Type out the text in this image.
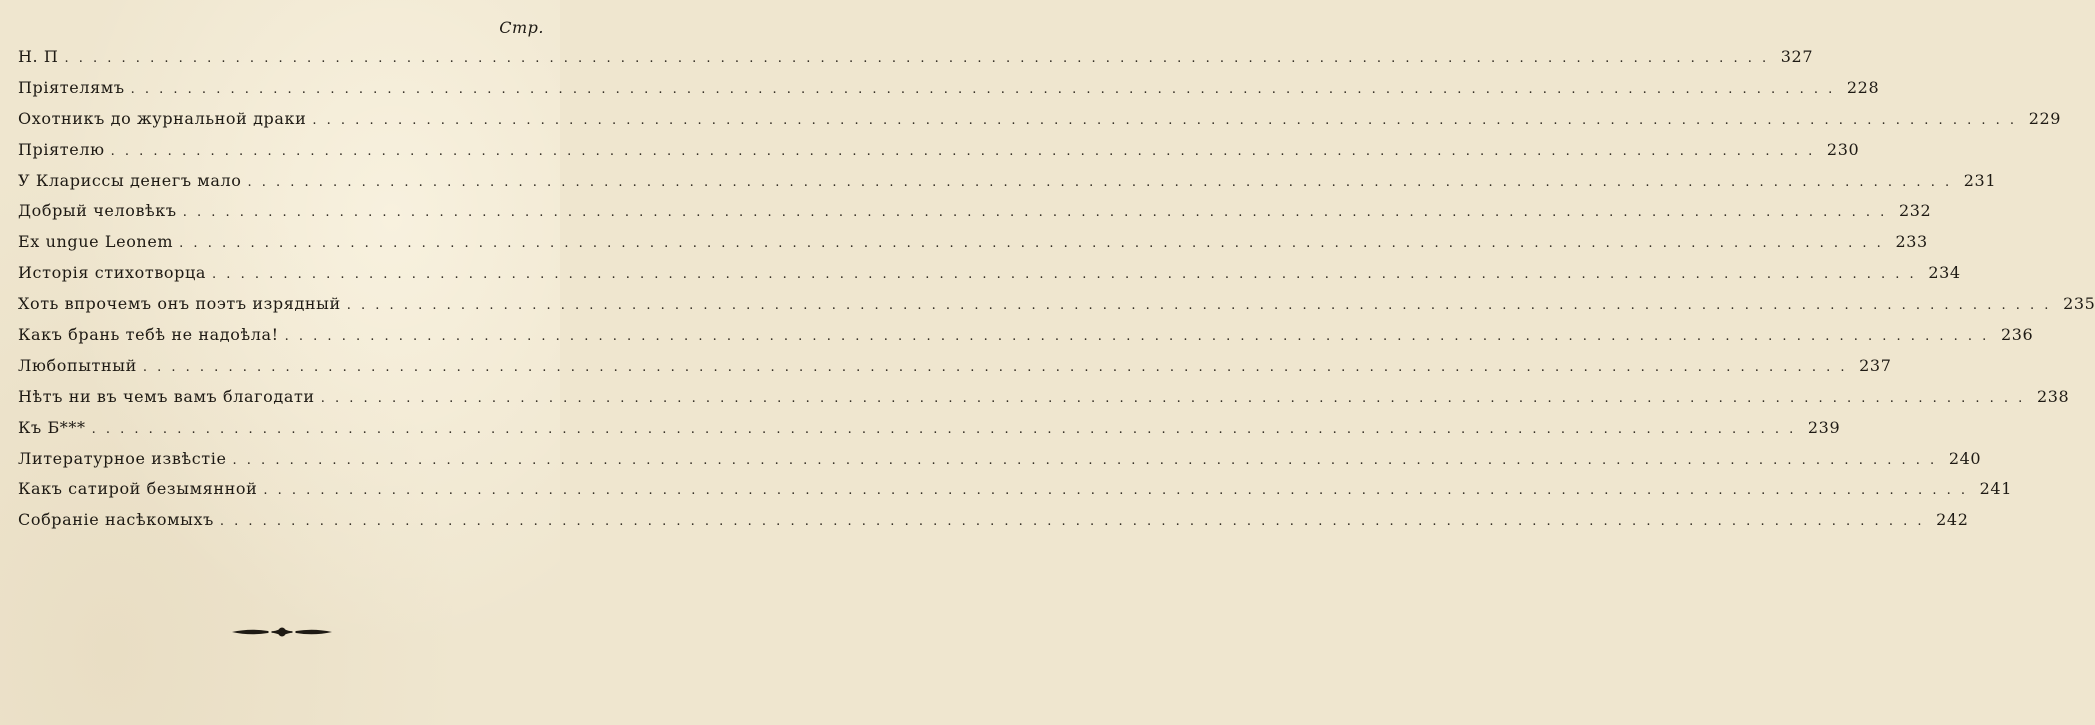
Стр.
Н. П . . . . . . . . . . . . . . . . . . . . . . . . . . . . . . . . . . . . . . . . . . . . . . . . . . . . . . . . . . . . . . . . . . . . . . . . . . . . . . . . . . . . . . . . . . . . . . . . . . . . . . . . . . . . . . . . . . . . . . . . 327
Пріятелямъ . . . . . . . . . . . . . . . . . . . . . . . . . . . . . . . . . . . . . . . . . . . . . . . . . . . . . . . . . . . . . . . . . . . . . . . . . . . . . . . . . . . . . . . . . . . . . . . . . . . . . . . . . . . . . . . . . . . . . . . . 228
Охотникъ до журнальной драки . . . . . . . . . . . . . . . . . . . . . . . . . . . . . . . . . . . . . . . . . . . . . . . . . . . . . . . . . . . . . . . . . . . . . . . . . . . . . . . . . . . . . . . . . . . . . . . . . . . . . . . . . . . . . . . . . . . . . . . . 229
Пріятелю . . . . . . . . . . . . . . . . . . . . . . . . . . . . . . . . . . . . . . . . . . . . . . . . . . . . . . . . . . . . . . . . . . . . . . . . . . . . . . . . . . . . . . . . . . . . . . . . . . . . . . . . . . . . . . . . . . . . . . . . 230
У Клариссы денегъ мало . . . . . . . . . . . . . . . . . . . . . . . . . . . . . . . . . . . . . . . . . . . . . . . . . . . . . . . . . . . . . . . . . . . . . . . . . . . . . . . . . . . . . . . . . . . . . . . . . . . . . . . . . . . . . . . . . . . . . . . . 231
Добрый человѣкъ . . . . . . . . . . . . . . . . . . . . . . . . . . . . . . . . . . . . . . . . . . . . . . . . . . . . . . . . . . . . . . . . . . . . . . . . . . . . . . . . . . . . . . . . . . . . . . . . . . . . . . . . . . . . . . . . . . . . . . . . 232
Ex ungue Leonem . . . . . . . . . . . . . . . . . . . . . . . . . . . . . . . . . . . . . . . . . . . . . . . . . . . . . . . . . . . . . . . . . . . . . . . . . . . . . . . . . . . . . . . . . . . . . . . . . . . . . . . . . . . . . . . . . . . . . . . . 233
Исторія стихотворца . . . . . . . . . . . . . . . . . . . . . . . . . . . . . . . . . . . . . . . . . . . . . . . . . . . . . . . . . . . . . . . . . . . . . . . . . . . . . . . . . . . . . . . . . . . . . . . . . . . . . . . . . . . . . . . . . . . . . . . . 234
Хоть впрочемъ онъ поэтъ изрядный . . . . . . . . . . . . . . . . . . . . . . . . . . . . . . . . . . . . . . . . . . . . . . . . . . . . . . . . . . . . . . . . . . . . . . . . . . . . . . . . . . . . . . . . . . . . . . . . . . . . . . . . . . . . . . . . . . . . . . . . 235
Какъ брань тебѣ не надоѣла! . . . . . . . . . . . . . . . . . . . . . . . . . . . . . . . . . . . . . . . . . . . . . . . . . . . . . . . . . . . . . . . . . . . . . . . . . . . . . . . . . . . . . . . . . . . . . . . . . . . . . . . . . . . . . . . . . . . . . . . . 236
Любопытный . . . . . . . . . . . . . . . . . . . . . . . . . . . . . . . . . . . . . . . . . . . . . . . . . . . . . . . . . . . . . . . . . . . . . . . . . . . . . . . . . . . . . . . . . . . . . . . . . . . . . . . . . . . . . . . . . . . . . . . . 237
Нѣтъ ни въ чемъ вамъ благодати . . . . . . . . . . . . . . . . . . . . . . . . . . . . . . . . . . . . . . . . . . . . . . . . . . . . . . . . . . . . . . . . . . . . . . . . . . . . . . . . . . . . . . . . . . . . . . . . . . . . . . . . . . . . . . . . . . . . . . . . 238
Къ Б*** . . . . . . . . . . . . . . . . . . . . . . . . . . . . . . . . . . . . . . . . . . . . . . . . . . . . . . . . . . . . . . . . . . . . . . . . . . . . . . . . . . . . . . . . . . . . . . . . . . . . . . . . . . . . . . . . . . . . . . . . 239
Литературное извѣстіе . . . . . . . . . . . . . . . . . . . . . . . . . . . . . . . . . . . . . . . . . . . . . . . . . . . . . . . . . . . . . . . . . . . . . . . . . . . . . . . . . . . . . . . . . . . . . . . . . . . . . . . . . . . . . . . . . . . . . . . . 240
Какъ сатирой безымянной . . . . . . . . . . . . . . . . . . . . . . . . . . . . . . . . . . . . . . . . . . . . . . . . . . . . . . . . . . . . . . . . . . . . . . . . . . . . . . . . . . . . . . . . . . . . . . . . . . . . . . . . . . . . . . . . . . . . . . . . 241
Собраніе насѣкомыхъ . . . . . . . . . . . . . . . . . . . . . . . . . . . . . . . . . . . . . . . . . . . . . . . . . . . . . . . . . . . . . . . . . . . . . . . . . . . . . . . . . . . . . . . . . . . . . . . . . . . . . . . . . . . . . . . . . . . . . . . . 242
